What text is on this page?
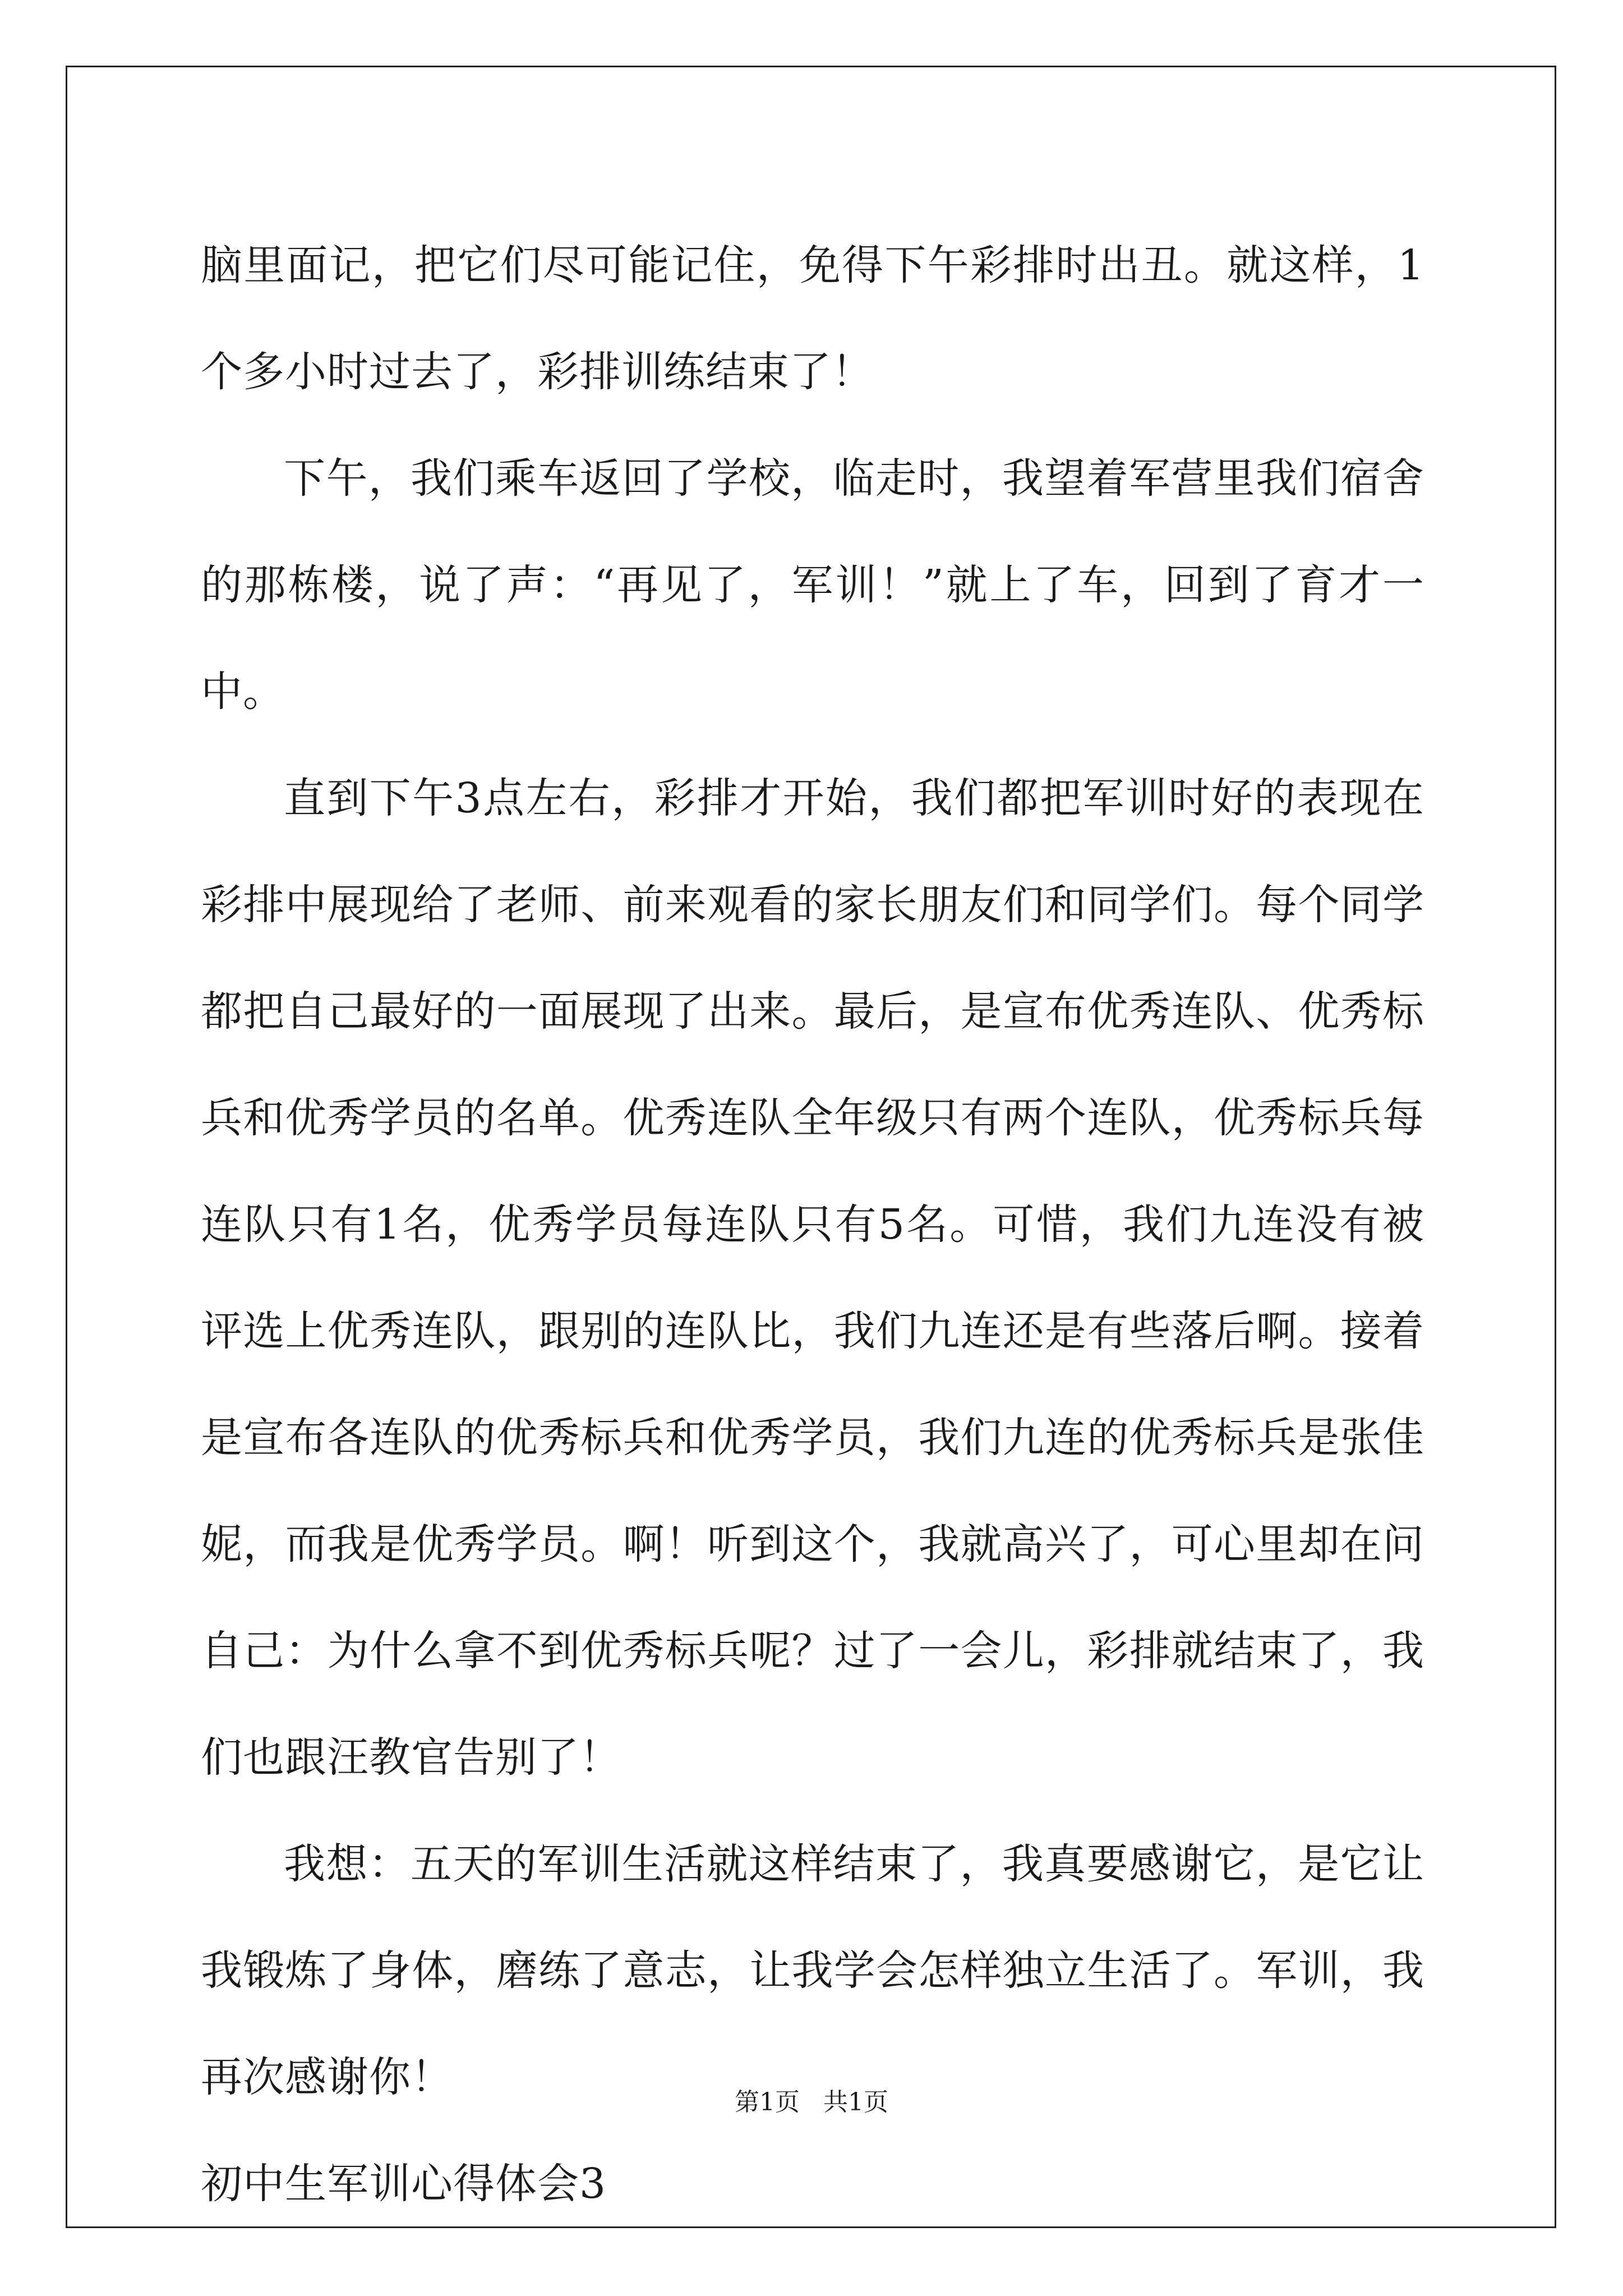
脑里面记，把它们尽可能记住，免得下午彩排时出丑。就这样，1个多小时过去了，彩排训练结束了！

下午，我们乘车返回了学校，临走时，我望着军营里我们宿舍的那栋楼，说了声：“再见了，军训！”就上了车，回到了育才一中。

直到下午3点左右，彩排才开始，我们都把军训时好的表现在彩排中展现给了老师、前来观看的家长朋友们和同学们。每个同学都把自己最好的一面展现了出来。最后，是宣布优秀连队、优秀标兵和优秀学员的名单。优秀连队全年级只有两个连队，优秀标兵每连队只有1名，优秀学员每连队只有5名。可惜，我们九连没有被评选上优秀连队，跟别的连队比，我们九连还是有些落后啊。接着是宣布各连队的优秀标兵和优秀学员，我们九连的优秀标兵是张佳妮，而我是优秀学员。啊！听到这个，我就高兴了，可心里却在问自己：为什么拿不到优秀标兵呢？过了一会儿，彩排就结束了，我们也跟汪教官告别了！

我想：五天的军训生活就这样结束了，我真要感谢它，是它让我锻炼了身体，磨练了意志，让我学会怎样独立生活了。军训，我再次感谢你！

初中生军训心得体会3

第1页 共1页
